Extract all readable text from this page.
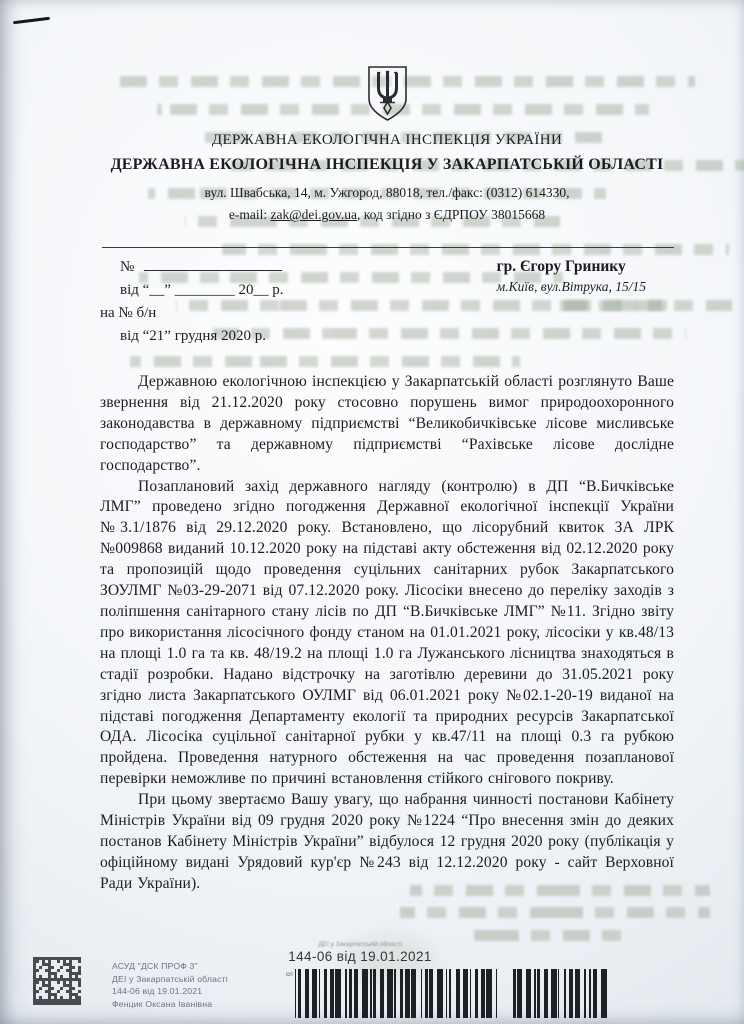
ДЕРЖАВНА ЕКОЛОГІЧНА ІНСПЕКЦІЯ УКРАЇНИ
ДЕРЖАВНА ЕКОЛОГІЧНА ІНСПЕКЦІЯ У ЗАКАРПАТСЬКІЙ ОБЛАСТІ

вул. Швабська, 14, м. Ужгород, 88018, тел./факс: (0312) 614330,

e-mail: zak@dei.gov.ua, код згідно з ЄДРПОУ 38015668

№
від “__” ________ 20__ р.
на № б/н
від “21” грудня 2020 р.
гр. Єгору Гринику
м.Київ, вул.Вітрука, 15/15

Державною екологічною інспекцією у Закарпатській області розглянуто Ваше звернення від 21.12.2020 року стосовно порушень вимог природоохоронного законодавства в державному підприємстві “Великобичківське лісове мисливське господарство” та державному підприємстві “Рахівське лісове дослідне господарство”.

Позаплановий захід державного нагляду (контролю) в ДП “В.Бичківське ЛМГ” проведено згідно погодження Державної екологічної інспекції України №3.1/1876 від 29.12.2020 року. Встановлено, що лісорубний квиток ЗА ЛРК №009868 виданий 10.12.2020 року на підставі акту обстеження від 02.12.2020 року та пропозицій щодо проведення суцільних санітарних рубок Закарпатського ЗОУЛМГ №03-29-2071 від 07.12.2020 року. Лісосіки внесено до переліку заходів з поліпшення санітарного стану лісів по ДП “В.Бичківське ЛМГ” №11. Згідно звіту про використання лісосічного фонду станом на 01.01.2021 року, лісосіки у кв.48/13 на площі 1.0 га та кв. 48/19.2 на площі 1.0 га Лужанського лісництва знаходяться в стадії розробки. Надано відстрочку на заготівлю деревини до 31.05.2021 року згідно листа Закарпатського ОУЛМГ від 06.01.2021 року №02.1-20-19 виданої на підставі погодження Департаменту екології та природних ресурсів Закарпатської ОДА. Лісосіка суцільної санітарної рубки у кв.47/11 на площі 0.3 га рубкою пройдена. Проведення натурного обстеження на час проведення позапланової перевірки неможливе по причині встановлення стійкого снігового покриву.

При цьому звертаємо Вашу увагу, що набрання чинності постанови Кабінету Міністрів України від 09 грудня 2020 року №1224 “Про внесення змін до деяких постанов Кабінету Міністрів України” відбулося 12 грудня 2020 року (публікація у офіційному видані Урядовий кур'єр №243 від 12.12.2020 року - сайт Верховної Ради України).

АСУД "ДСК ПРОФ 3"
ДЕІ у Закарпатській області
144-06 від 19.01.2021
Фенцик Оксана Іванівна
ДЕІ у Закарпатській області
144-06 від 19.01.2021
сп
